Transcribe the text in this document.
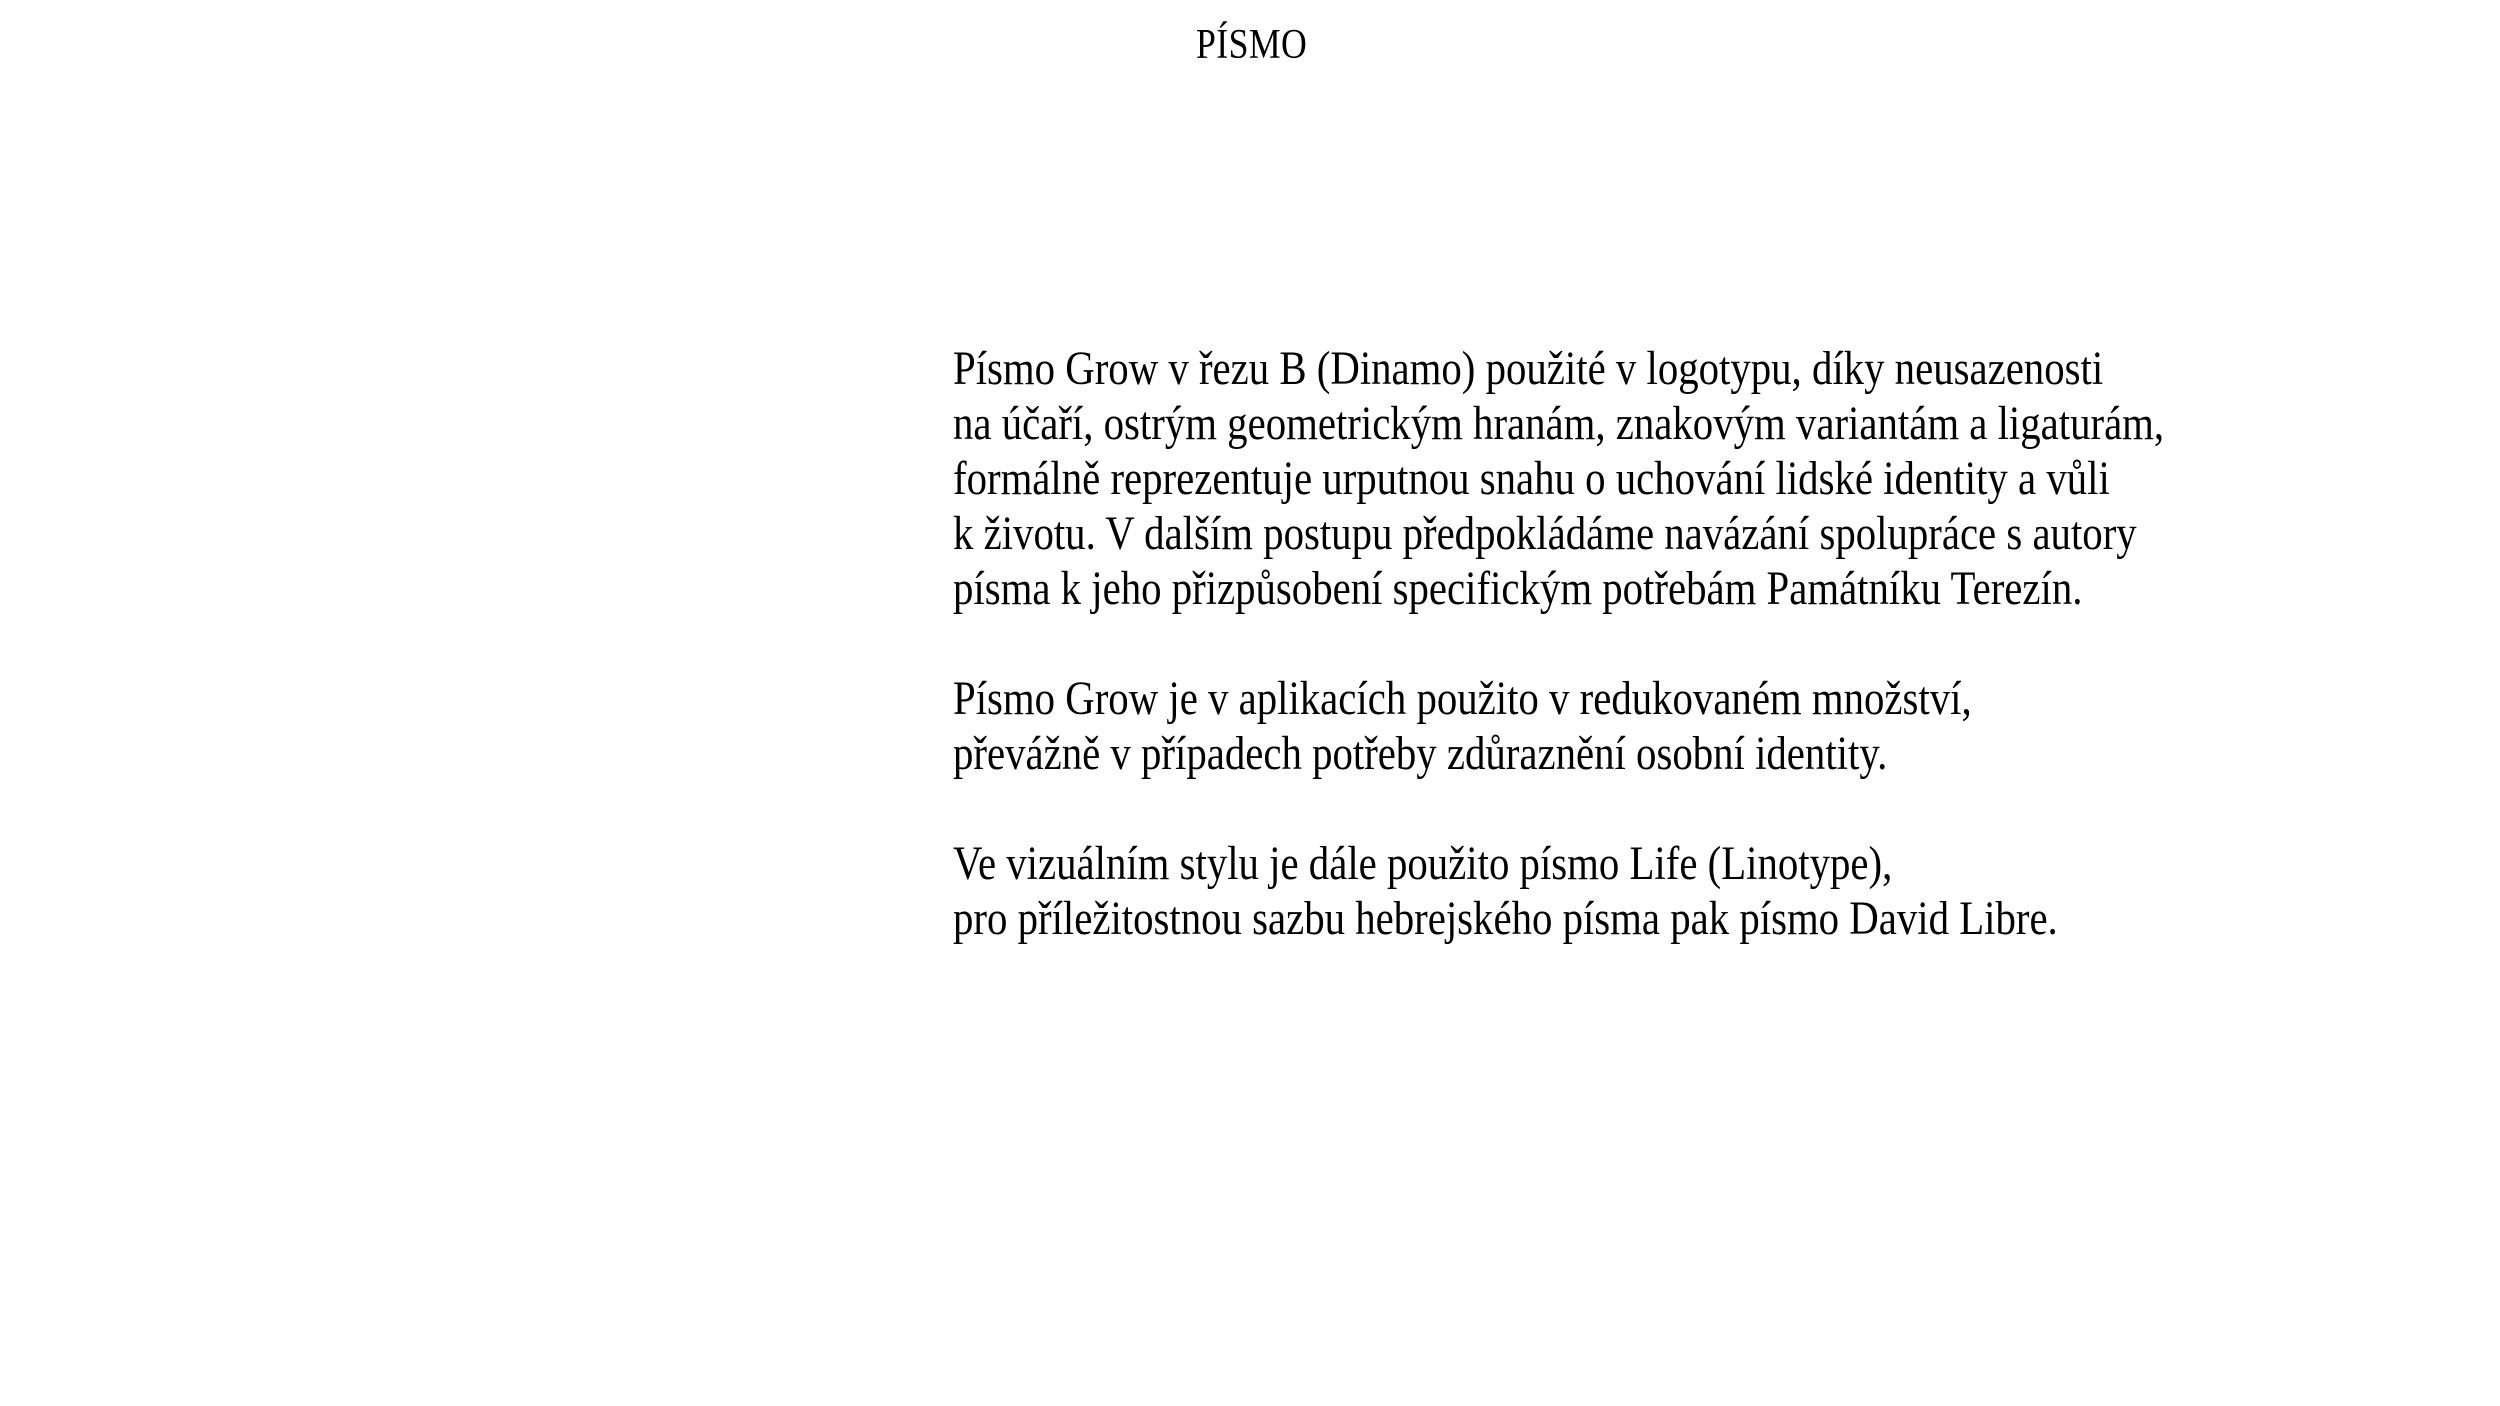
PÍSMO

Písmo Grow v řezu B (Dinamo) použité v logotypu, díky neusazenosti
na účaří, ostrým geometrickým hranám, znakovým variantám a ligaturám,
formálně reprezentuje urputnou snahu o uchování lidské identity a vůli
k životu. V dalším postupu předpokládáme navázání spolupráce s autory
písma k jeho přizpůsobení specifickým potřebám Památníku Terezín.

Písmo Grow je v aplikacích použito v redukovaném množství,
převážně v případech potřeby zdůraznění osobní identity.

Ve vizuálním stylu je dále použito písmo Life (Linotype),
pro příležitostnou sazbu hebrejského písma pak písmo David Libre.
